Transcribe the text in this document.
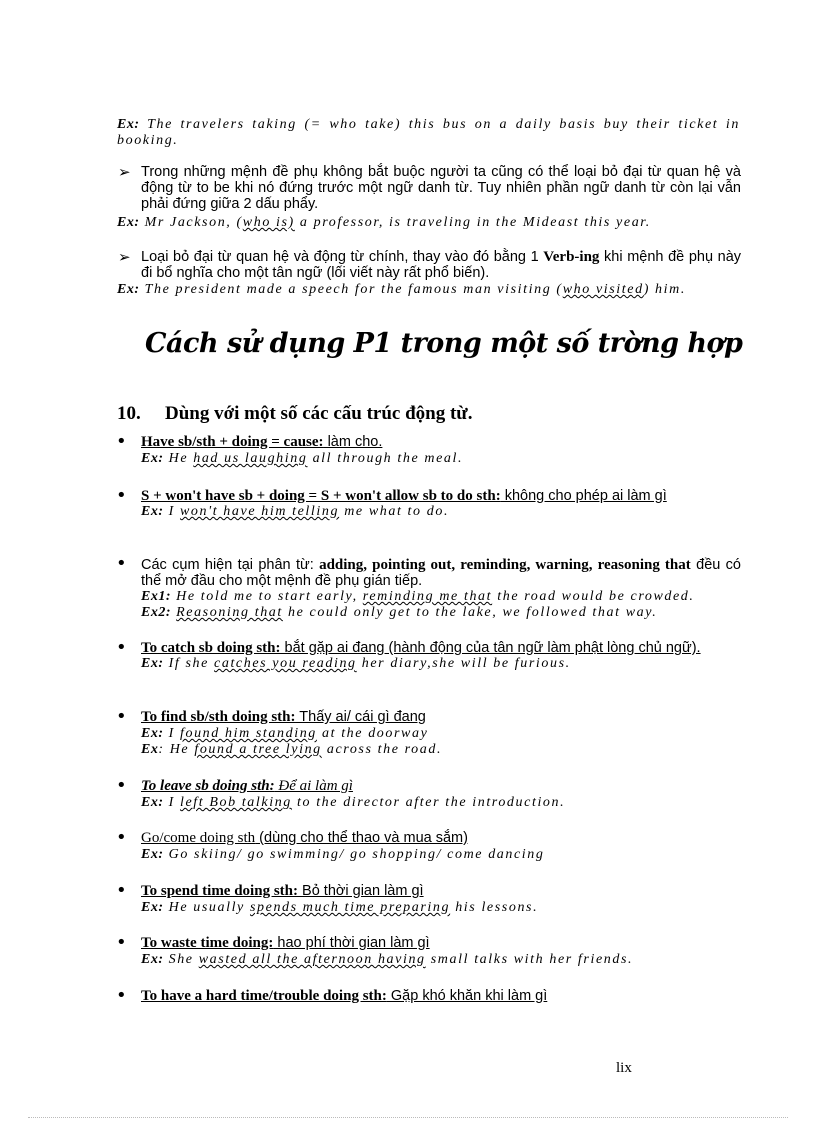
Ex: The travelers taking (= who take) this bus on a daily basis buy their ticket in booking.
➢ Trong những mệnh đề phụ không bắt buộc người ta cũng có thể loại bỏ đại từ quan hệ và động từ to be khi nó đứng trước một ngữ danh từ. Tuy nhiên phần ngữ danh từ còn lại vẫn phải đứng giữa 2 dấu phẩy.
Ex: Mr Jackson, (who is) a professor, is traveling in the Mideast this year.
➢ Loại bỏ đại từ quan hệ và động từ chính, thay vào đó bằng 1 Verb-ing khi mệnh đề phụ này đi bổ nghĩa cho một tân ngữ (lối viết này rất phổ biến).
Ex: The president made a speech for the famous man visiting (who visited) him.
Cách sử dụng P1 trong một số trờng hợp
10. Dùng với một số các cấu trúc động từ.
• Have sb/sth + doing = cause: làm cho.
Ex: He had us laughing all through the meal.
• S + won't have sb + doing = S + won't allow sb to do sth: không cho phép ai làm gì
Ex: I won't have him telling me what to do.
• Các cụm hiện tại phân từ: adding, pointing out, reminding, warning, reasoning that đều có thể mở đầu cho một mệnh đề phụ gián tiếp.
Ex1: He told me to start early, reminding me that the road would be crowded.
Ex2: Reasoning that he could only get to the lake, we followed that way.
• To catch sb doing sth: bắt gặp ai đang (hành động của tân ngữ làm phật lòng chủ ngữ).
Ex: If she catches you reading her diary,she will be furious.
• To find sb/sth doing sth: Thấy ai/ cái gì đang
Ex: I found him standing at the doorway
Ex: He found a tree lying across the road.
• To leave sb doing sth: Để ai làm gì
Ex: I left Bob talking to the director after the introduction.
• Go/come doing sth (dùng cho thể thao và mua sắm)
Ex: Go skiing/ go swimming/ go shopping/ come dancing
• To spend time doing sth: Bỏ thời gian làm gì
Ex: He usually spends much time preparing his lessons.
• To waste time doing: hao phí thời gian làm gì
Ex: She wasted all the afternoon having small talks with her friends.
• To have a hard time/trouble doing sth: Gặp khó khăn khi làm gì
lix
